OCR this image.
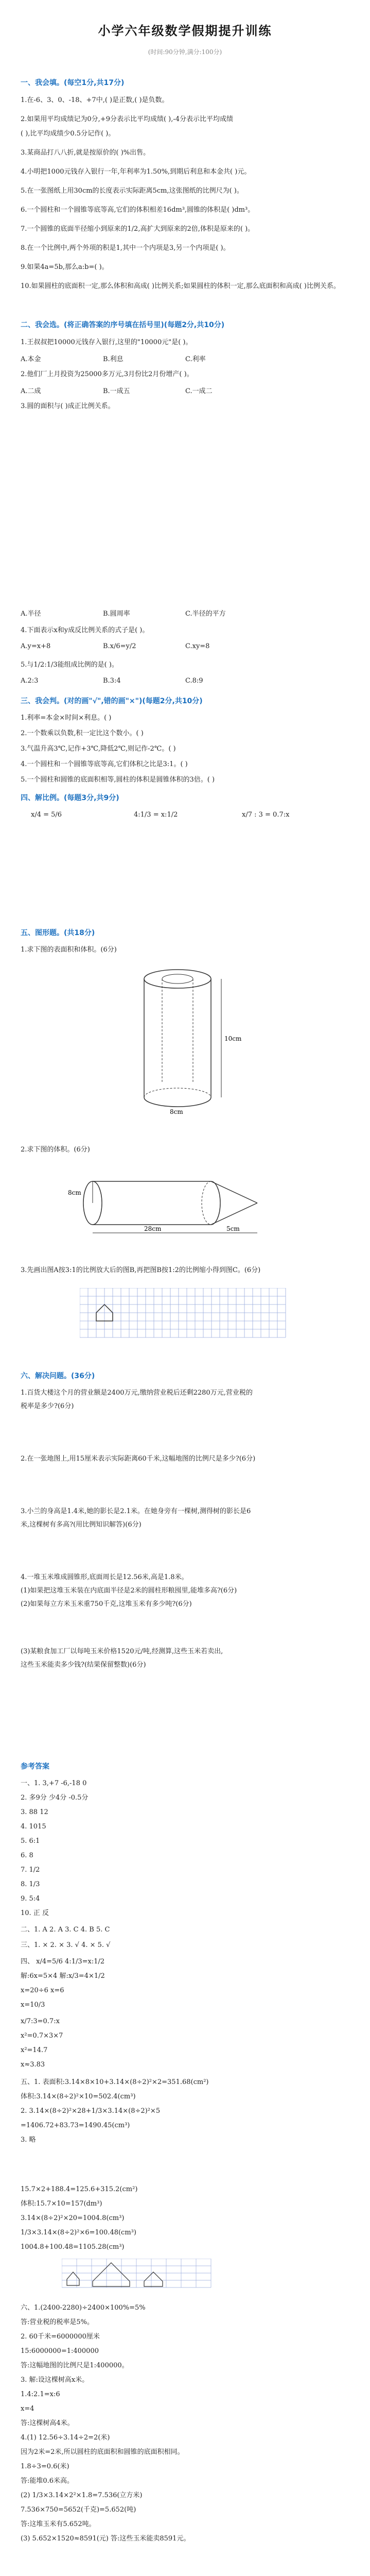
小学六年级数学假期提升训练
(时间:90分钟,满分:100分)
一、我会填。(每空1分,共17分)
1.在-6、3、0、-18、+7中,( )是正数,( )是负数。
2.如果用平均成绩记为0分,+9分表示比平均成绩( ),-4分表示比平均成绩
( ),比平均成绩少0.5分记作( )。
3.某商品打八八折,就是按原价的( )%出售。
4.小明把1000元钱存入银行一年,年利率为1.50%,到期后利息和本金共( )元。
5.在一张图纸上用30cm的长度表示实际距离5cm,这张图纸的比例尺为( )。
6.一个圆柱和一个圆锥等底等高,它们的体积相差16dm³,圆锥的体积是( )dm³。
7.一个圆锥的底面半径缩小到原来的1/2,高扩大到原来的2倍,体积是原来的( )。
8.在一个比例中,两个外项的积是1,其中一个内项是3,另一个内项是( )。
9.如果4a=5b,那么a:b=( )。
10.如果圆柱的底面积一定,那么体积和高成( )比例关系;如果圆柱的体积一定,那么底面积和高成( )比例关系。
二、我会选。(将正确答案的序号填在括号里)(每题2分,共10分)
1.王叔叔把10000元钱存入银行,这里的"10000元"是( )。
A.本金	B.利息	C.利率
2.他们厂上月投资为25000多万元,3月份比2月份增产( )。
A.二成	B.一成五	C.一成二
3.圆的面积与( )成正比例关系。
A.半径	B.圆周率	C.半径的平方
4.下面表示x和y成反比例关系的式子是( )。
A.y=x+8	B.x/6=y/2	C.xy=8
5.与1/2:1/3能组成比例的是( )。
A.2:3	B.3:4	C.8:9
三、我会判。(对的画"√",错的画"×")(每题2分,共10分)
1.利率=本金×时间×利息。( )
2.一个数乘以负数,积一定比这个数小。( )
3.气温升高3℃,记作+3℃,降低2℃,则记作-2℃。( )
4.一个圆柱和一个圆锥等底等高,它们体积之比是3:1。( )
5.一个圆柱和圆锥的底面积相等,圆柱的体积是圆锥体积的3倍。( )
四、解比例。(每题3分,共9分)
x/4 = 5/6	4:1/3 = x:1/2	x/7 : 3 = 0.7:x
五、图形题。(共18分)
1.求下图的表面积和体积。(6分)
10cm
8cm
2.求下图的体积。(6分)
8cm
28cm	5cm
3.先画出图A按3:1的比例放大后的图B,再把图B按1:2的比例缩小得到图C。(6分)
六、解决问题。(36分)
1.百货大楼这个月的营业额是2400万元,缴纳营业税后还剩2280万元,营业税的
税率是多少?(6分)
2.在一张地图上,用15厘米表示实际距离60千米,这幅地图的比例尺是多少?(6分)
3.小兰的身高是1.4米,她的影长是2.1米。在她身旁有一棵树,测得树的影长是6
米,这棵树有多高?(用比例知识解答)(6分)
4.一堆玉米堆成圆锥形,底面周长是12.56米,高是1.8米。
(1)如果把这堆玉米装在内底面半径是2米的圆柱形粮囤里,能堆多高?(6分)
(2)如果每立方米玉米重750千克,这堆玉米有多少吨?(6分)
(3)某粮食加工厂以每吨玉米价格1520元/吨,经测算,这些玉米若卖出,
这些玉米能卖多少钱?(结果保留整数)(6分)
参考答案
一、1. 3,+7 -6,-18 0
2. 多9分 少4分 -0.5分
3. 88 12
4. 1015
5. 6:1
6. 8
7. 1/2
8. 1/3
9. 5:4
10. 正 反
二、1. A 2. A 3. C 4. B 5. C
三、1. × 2. × 3. √ 4. × 5. √
四、 x/4=5/6 4:1/3=x:1/2
解:6x=5×4 解:x/3=4×1/2
x=20÷6 x=6
x=10/3
x/7:3=0.7:x
x²=0.7×3×7
x²=14.7
x≈3.83
五、1. 表面积:3.14×8×10+3.14×(8÷2)²×2=351.68(cm²)
体积:3.14×(8÷2)²×10=502.4(cm³)
2. 3.14×(8÷2)²×28+1/3×3.14×(8÷2)²×5
=1406.72+83.73=1490.45(cm³)
3. 略
15.7×2+188.4=125.6+315.2(cm²)
体积:15.7×10=157(dm³)
3.14×(8÷2)²×20=1004.8(cm³)
1/3×3.14×(8÷2)²×6=100.48(cm³)
1004.8+100.48=1105.28(cm³)
六、1.(2400-2280)÷2400×100%=5%
答:营业税的税率是5%。
2. 60千米=6000000厘米
15:6000000=1:400000
答:这幅地图的比例尺是1:400000。
3. 解:设这棵树高x米。
1.4:2.1=x:6
x=4
答:这棵树高4米。
4.(1) 12.56÷3.14÷2=2(米)
因为2米=2米,所以圆柱的底面积和圆锥的底面积相同。
1.8÷3=0.6(米)
答:能堆0.6米高。
(2) 1/3×3.14×2²×1.8=7.536(立方米)
7.536×750=5652(千克)=5.652(吨)
答:这堆玉米有5.652吨。
(3) 5.652×1520≈8591(元) 答:这些玉米能卖8591元。
